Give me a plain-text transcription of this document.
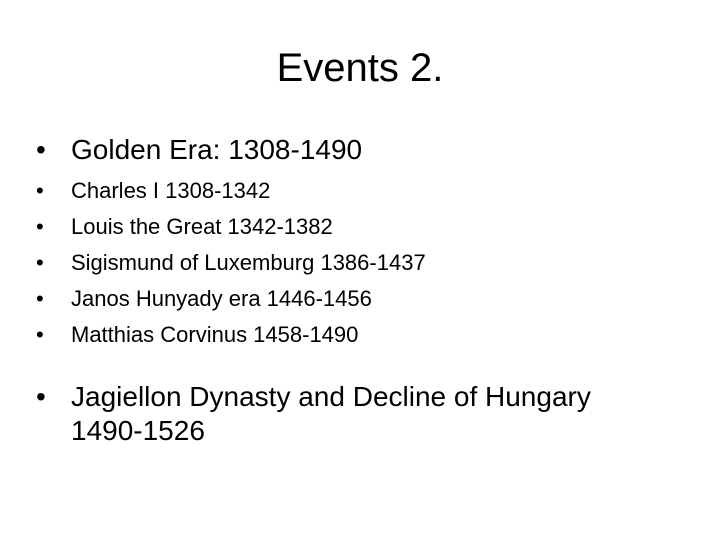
Events 2.
• Golden Era: 1308-1490
•	Charles I 1308-1342
•	Louis the Great 1342-1382
•	Sigismund of Luxemburg 1386-1437
•	Janos Hunyady era 1446-1456
•	Matthias Corvinus 1458-1490
• Jagiellon Dynasty and Decline of Hungary
1490-1526
